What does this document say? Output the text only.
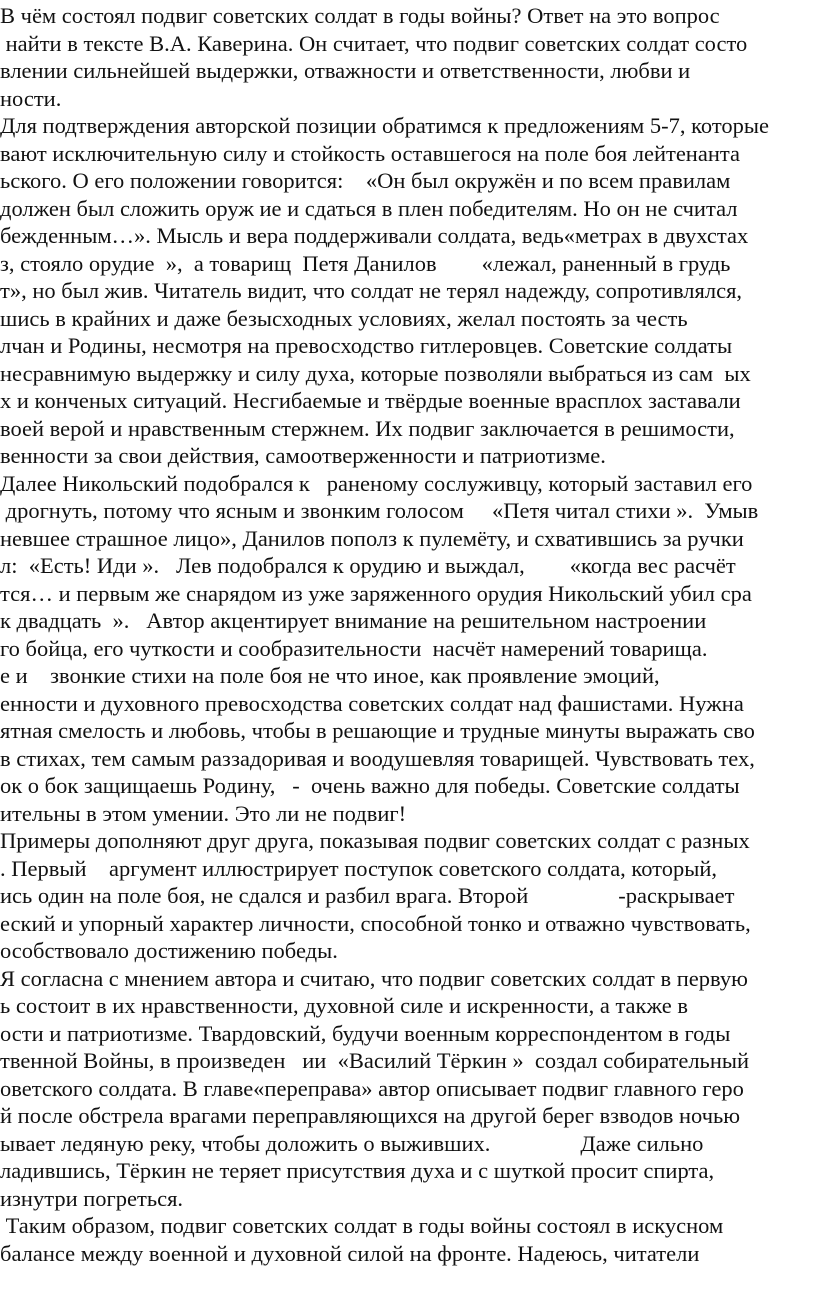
В чём состоял подвиг советских солдат в годы войны? Ответ на это вопрос
найти в тексте В.А. Каверина. Он считает, что подвиг советских солдат состо
влении сильнейшей выдержки, отважности и ответственности, любви и
ности.
Для подтверждения авторской позиции обратимся к предложениям 5-7, которые
вают исключительную силу и стойкость оставшегося на поле боя лейтенанта
ьского. О его положении говорится:    «Он был окружён и по всем правилам
должен был сложить оруж ие и сдаться в плен победителям. Но он не считал
бежденным…». Мысль и вера поддерживали солдата, ведь«метрах в двухстах
з, стояло орудие  »,  а товарищ  Петя Данилов        «лежал, раненный в грудь
т», но был жив. Читатель видит, что солдат не терял надежду, сопротивлялся,
шись в крайних и даже безысходных условиях, желал постоять за честь
лчан и Родины, несмотря на превосходство гитлеровцев. Советские солдаты
несравнимую выдержку и силу духа, которые позволяли выбраться из сам  ых
х и конченых ситуаций. Несгибаемые и твёрдые военные врасплох заставали
воей верой и нравственным стержнем. Их подвиг заключается в решимости,
венности за свои действия, самоотверженности и патриотизме.
Далее Никольский подобрался к   раненому сослуживцу, который заставил его
дрогнуть, потому что ясным и звонким голосом     «Петя читал стихи ».  Умыв
невшее страшное лицо», Данилов пополз к пулемёту, и схватившись за ручки
л:  «Есть! Иди ».   Лев подобрался к орудию и выждал,        «когда вес расчёт
тся… и первым же снарядом из уже заряженного орудия Никольский убил сра
к двадцать  ».   Автор акцентирует внимание на решительном настроении
го бойца, его чуткости и сообразительности  насчёт намерений товарища.
е и    звонкие стихи на поле боя не что иное, как проявление эмоций,
енности и духовного превосходства советских солдат над фашистами. Нужна
ятная смелость и любовь, чтобы в решающие и трудные минуты выражать сво
в стихах, тем самым раззадоривая и воодушевляя товарищей. Чувствовать тех,
ок о бок защищаешь Родину,   -  очень важно для победы. Советские солдаты
ительны в этом умении. Это ли не подвиг!
Примеры дополняют друг друга, показывая подвиг советских солдат с разных
. Первый    аргумент иллюстрирует поступок советского солдата, который,
ись один на поле боя, не сдался и разбил врага. Второй                -раскрывает
еский и упорный характер личности, способной тонко и отважно чувствовать,
особствовало достижению победы.
Я согласна с мнением автора и считаю, что подвиг советских солдат в первую
ь состоит в их нравственности, духовной силе и искренности, а также в
ости и патриотизме. Твардовский, будучи военным корреспондентом в годы
твенной Войны, в произведен   ии  «Василий Тёркин »  создал собирательный
оветского солдата. В главе«переправа» автор описывает подвиг главного геро
й после обстрела врагами переправляющихся на другой берег взводов ночью
ывает ледяную реку, чтобы доложить о выживших.                Даже сильно
ладившись, Тёркин не теряет присутствия духа и с шуткой просит спирта,
изнутри погреться.
Таким образом, подвиг советских солдат в годы войны состоял в искусном
балансе между военной и духовной силой на фронте. Надеюсь, читатели
